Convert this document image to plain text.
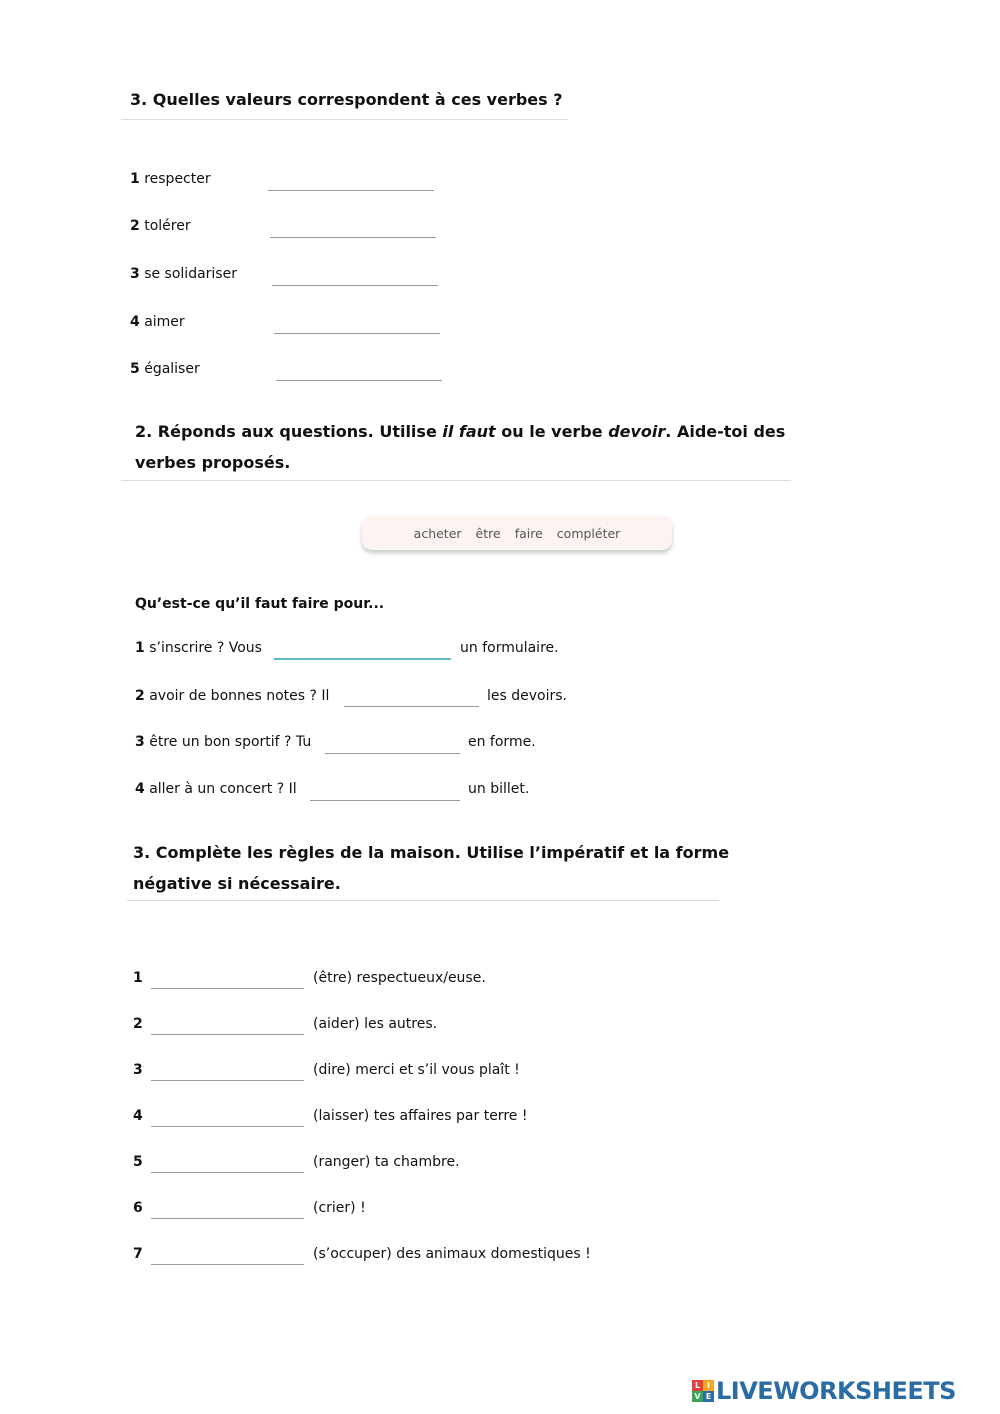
3. Quelles valeurs correspondent à ces verbes ?
1 respecter
2 tolérer
3 se solidariser
4 aimer
5 égaliser
2. Réponds aux questions. Utilise il faut ou le verbe devoir. Aide-toi des
verbes proposés.
acheter être faire compléter
Qu’est-ce qu’il faut faire pour...
1 s’inscrire ? Vous	un formulaire.
2 avoir de bonnes notes ? Il	les devoirs.
3 être un bon sportif ? Tu	en forme.
4 aller à un concert ? Il	un billet.
3. Complète les règles de la maison. Utilise l’impératif et la forme
négative si nécessaire.
1	(être) respectueux/euse.
2	(aider) les autres.
3	(dire) merci et s’il vous plaît !
4	(laisser) tes affaires par terre !
5	(ranger) ta chambre.
6	(crier) !
7	(s’occuper) des animaux domestiques !
L I
V E LIVEWORKSHEETS
